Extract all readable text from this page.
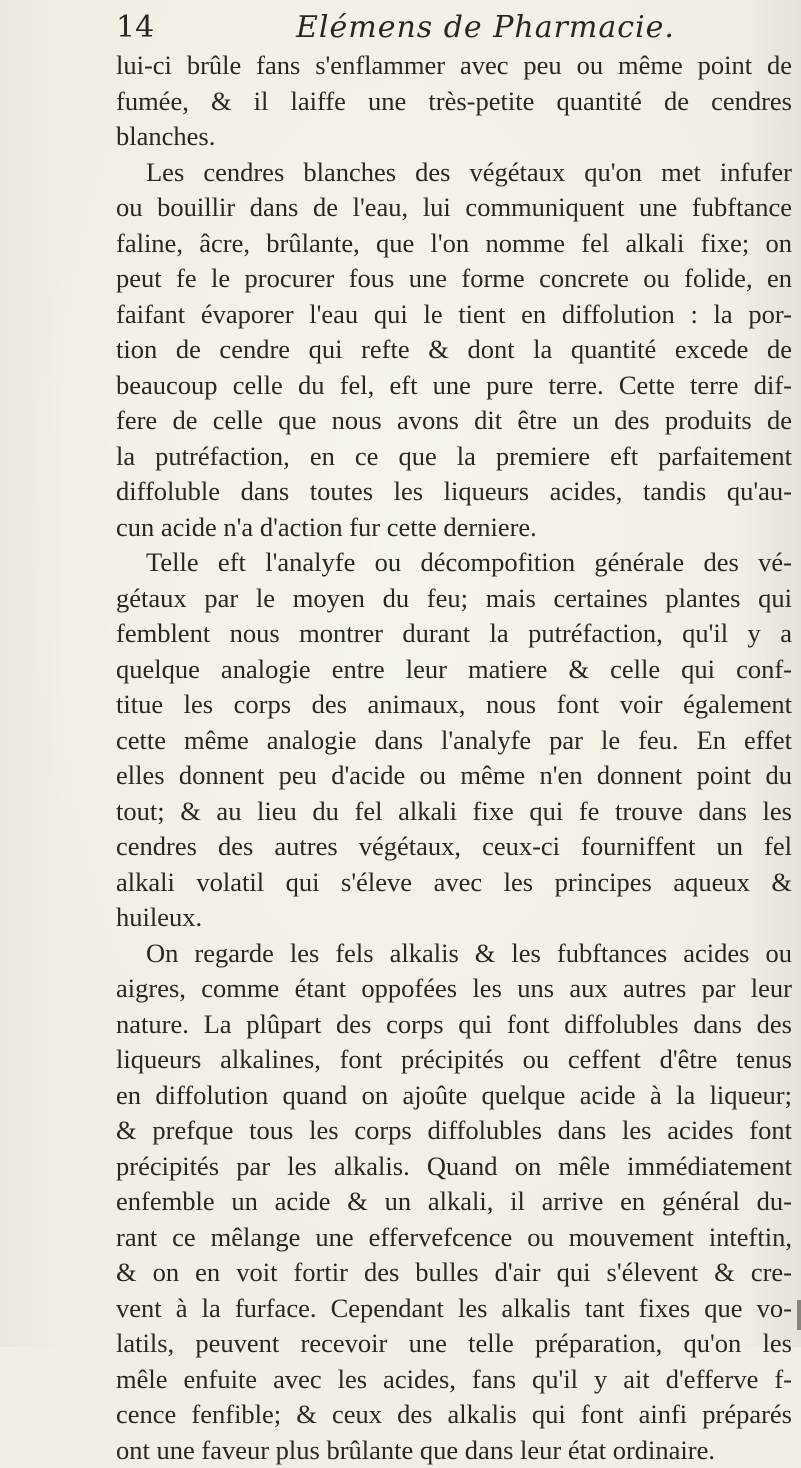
14	Elémens de Pharmacie.
lui-ci brûle fans s'enflammer avec peu ou même point de
fumée, & il laiffe une très-petite quantité de cendres
blanches.
Les cendres blanches des végétaux qu'on met infufer
ou bouillir dans de l'eau, lui communiquent une fubftance
faline, âcre, brûlante, que l'on nomme fel alkali fixe; on
peut fe le procurer fous une forme concrete ou folide, en
faifant évaporer l'eau qui le tient en diffolution : la por-
tion de cendre qui refte & dont la quantité excede de
beaucoup celle du fel, eft une pure terre. Cette terre dif-
fere de celle que nous avons dit être un des produits de
la putréfaction, en ce que la premiere eft parfaitement
diffoluble dans toutes les liqueurs acides, tandis qu'au-
cun acide n'a d'action fur cette derniere.
Telle eft l'analyfe ou décompofition générale des vé-
gétaux par le moyen du feu; mais certaines plantes qui
femblent nous montrer durant la putréfaction, qu'il y a
quelque analogie entre leur matiere & celle qui conf-
titue les corps des animaux, nous font voir également
cette même analogie dans l'analyfe par le feu. En effet
elles donnent peu d'acide ou même n'en donnent point du
tout; & au lieu du fel alkali fixe qui fe trouve dans les
cendres des autres végétaux, ceux-ci fourniffent un fel
alkali volatil qui s'éleve avec les principes aqueux &
huileux.
On regarde les fels alkalis & les fubftances acides ou
aigres, comme étant oppofées les uns aux autres par leur
nature. La plûpart des corps qui font diffolubles dans des
liqueurs alkalines, font précipités ou ceffent d'être tenus
en diffolution quand on ajoûte quelque acide à la liqueur;
& prefque tous les corps diffolubles dans les acides font
précipités par les alkalis. Quand on mêle immédiatement
enfemble un acide & un alkali, il arrive en général du-
rant ce mêlange une effervefcence ou mouvement inteftin,
& on en voit fortir des bulles d'air qui s'élevent & cre-
vent à la furface. Cependant les alkalis tant fixes que vo-
latils, peuvent recevoir une telle préparation, qu'on les
mêle enfuite avec les acides, fans qu'il y ait d'efferve f-
cence fenfible; & ceux des alkalis qui font ainfi préparés
ont une faveur plus brûlante que dans leur état ordinaire.
